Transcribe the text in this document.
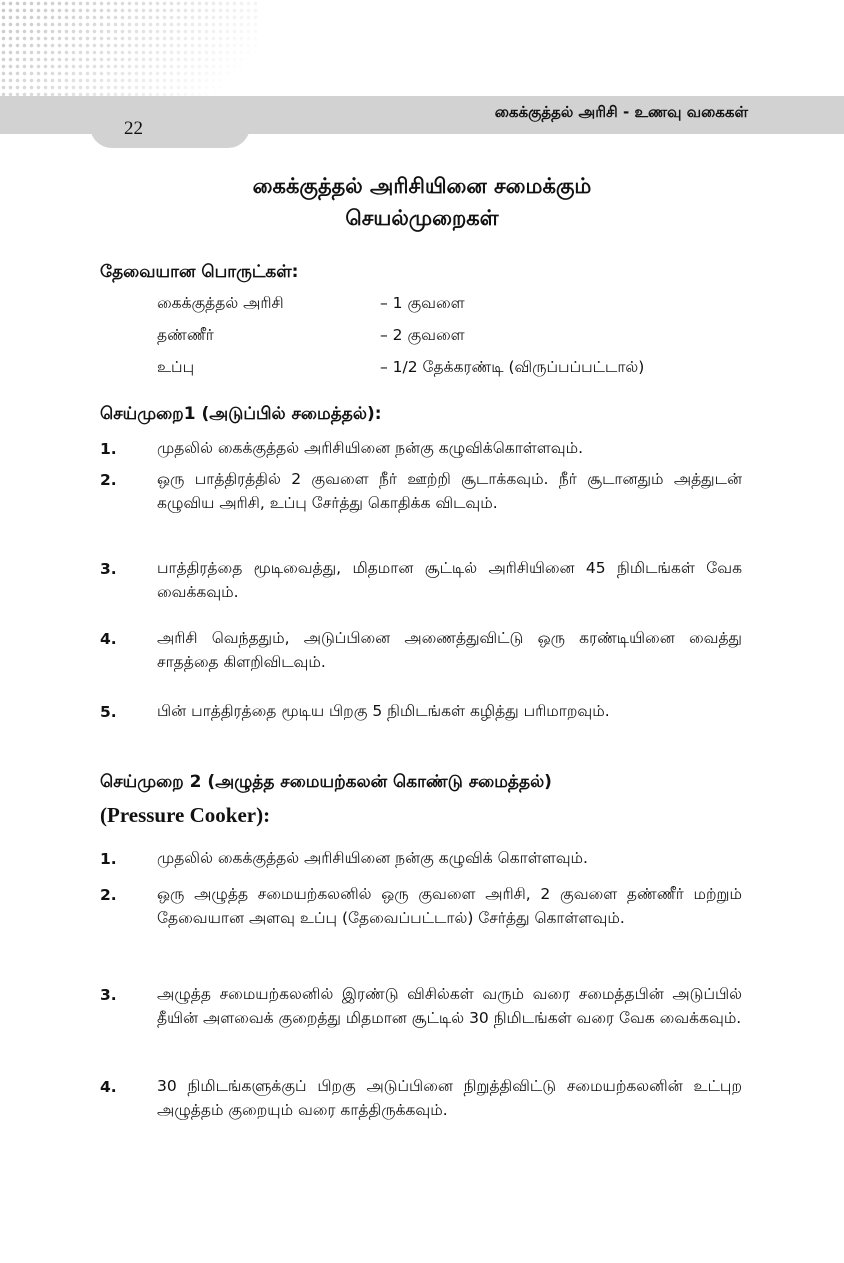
கைக்குத்தல் அரிசி - உணவு வகைகள்
22
கைக்குத்தல் அரிசியினை சமைக்கும்
செயல்முறைகள்
தேவையான பொருட்கள்:
கைக்குத்தல் அரிசி	– 1 குவளை
தண்ணீர்	– 2 குவளை
உப்பு	– 1/2 தேக்கரண்டி (விருப்பப்பட்டால்)
செய்முறை1 (அடுப்பில் சமைத்தல்):
1.	முதலில் கைக்குத்தல் அரிசியினை நன்கு கழுவிக்கொள்ளவும்.
2.	ஒரு பாத்திரத்தில் 2 குவளை நீர் ஊற்றி சூடாக்கவும். நீர் சூடானதும் அத்துடன் கழுவிய அரிசி, உப்பு சேர்த்து கொதிக்க விடவும்.
3.	பாத்திரத்தை மூடிவைத்து, மிதமான சூட்டில் அரிசியினை 45 நிமிடங்கள் வேக வைக்கவும்.
4.	அரிசி வெந்ததும், அடுப்பினை அணைத்துவிட்டு ஒரு கரண்டியினை வைத்து சாதத்தை கிளறிவிடவும்.
5.	பின் பாத்திரத்தை மூடிய பிறகு 5 நிமிடங்கள் கழித்து பரிமாறவும்.
செய்முறை 2 (அழுத்த சமையற்கலன் கொண்டு சமைத்தல்)
(Pressure Cooker):
1.	முதலில் கைக்குத்தல் அரிசியினை நன்கு கழுவிக் கொள்ளவும்.
2.	ஒரு அழுத்த சமையற்கலனில் ஒரு குவளை அரிசி, 2 குவளை தண்ணீர் மற்றும் தேவையான அளவு உப்பு (தேவைப்பட்டால்) சேர்த்து கொள்ளவும்.
3.	அழுத்த சமையற்கலனில் இரண்டு விசில்கள் வரும் வரை சமைத்தபின் அடுப்பில் தீயின் அளவைக் குறைத்து மிதமான சூட்டில் 30 நிமிடங்கள் வரை வேக வைக்கவும்.
4.	30 நிமிடங்களுக்குப் பிறகு அடுப்பினை நிறுத்திவிட்டு சமையற்கலனின் உட்புற அழுத்தம் குறையும் வரை காத்திருக்கவும்.
